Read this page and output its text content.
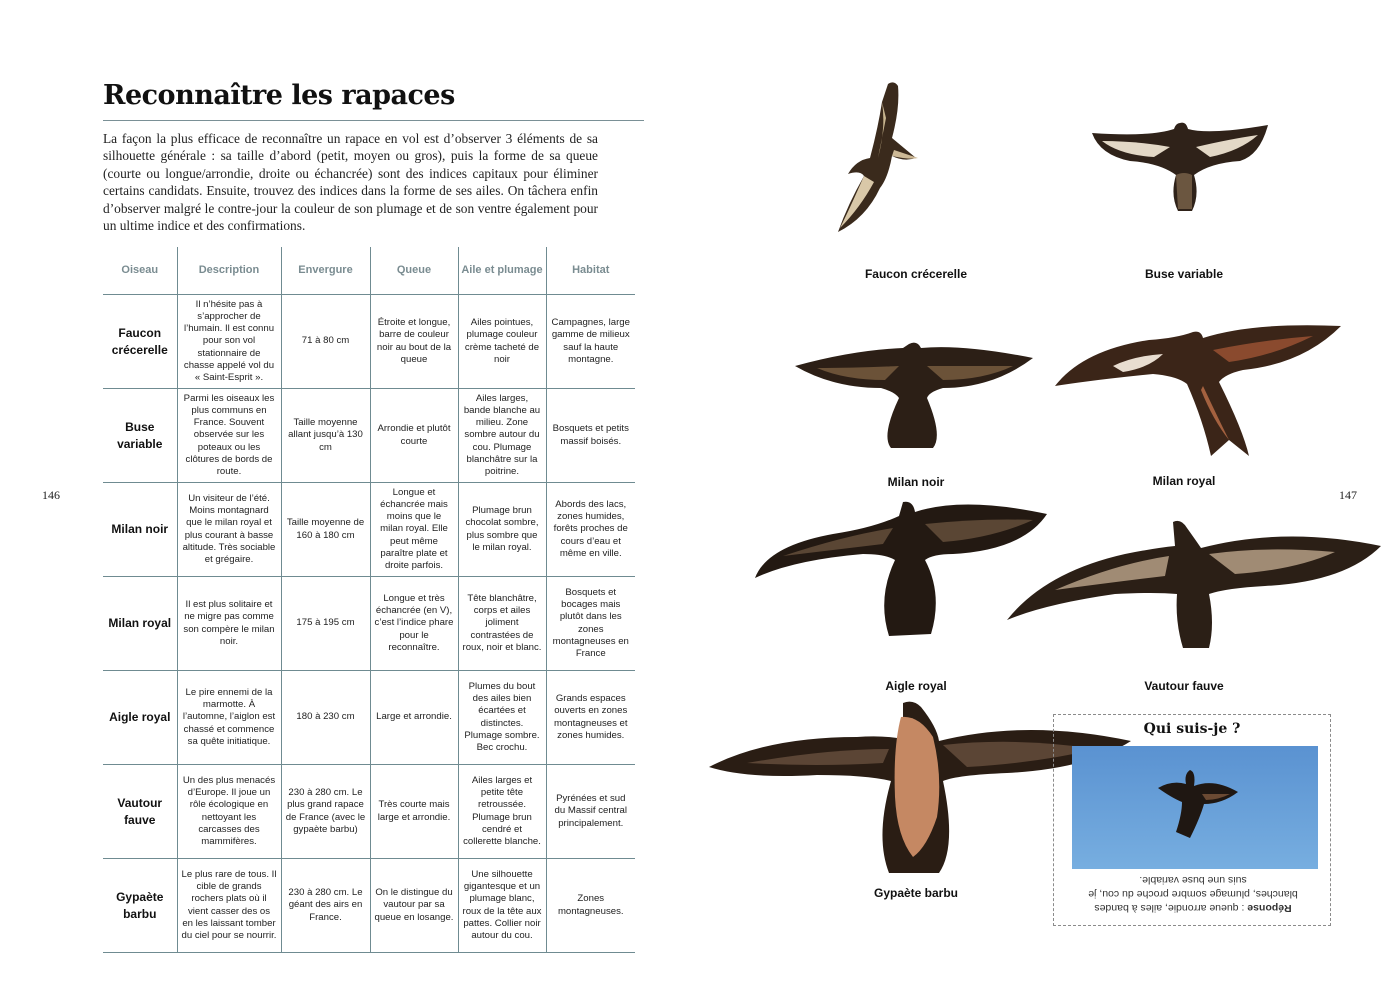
146	147
Reconnaître les rapaces

La façon la plus efficace de reconnaître un rapace en vol est d’observer 3 éléments de sa silhouette générale : sa taille d’abord (petit, moyen ou gros), puis la forme de sa queue (courte ou longue/arrondie, droite ou échancrée) sont des indices capitaux pour éliminer certains candidats. Ensuite, trouvez des indices dans la forme de ses ailes. On tâchera enfin d’observer malgré le contre-jour la couleur de son plumage et de son ventre également pour un ultime indice et des confirmations.

Oiseau	Description	Envergure	Queue	Aile et plumage	Habitat
Faucon crécerelle	Il n’hésite pas à s’approcher de l’humain. Il est connu pour son vol stationnaire de chasse appelé vol du « Saint-Esprit ».	71 à 80 cm	Étroite et longue, barre de couleur noir au bout de la queue	Ailes pointues, plumage couleur crème tacheté de noir	Campagnes, large gamme de milieux sauf la haute montagne.
Buse variable	Parmi les oiseaux les plus communs en France. Souvent observée sur les poteaux ou les clôtures de bords de route.	Taille moyenne allant jusqu’à 130 cm	Arrondie et plutôt courte	Ailes larges, bande blanche au milieu. Zone sombre autour du cou. Plumage blanchâtre sur la poitrine.	Bosquets et petits massif boisés.
Milan noir	Un visiteur de l’été. Moins montagnard que le milan royal et plus courant à basse altitude. Très sociable et grégaire.	Taille moyenne de 160 à 180 cm	Longue et échancrée mais moins que le milan royal. Elle peut même paraître plate et droite parfois.	Plumage brun chocolat sombre, plus sombre que le milan royal.	Abords des lacs, zones humides, forêts proches de cours d’eau et même en ville.
Milan royal	Il est plus solitaire et ne migre pas comme son compère le milan noir.	175 à 195 cm	Longue et très échancrée (en V), c’est l’indice phare pour le reconnaître.	Tête blanchâtre, corps et ailes joliment contrastées de roux, noir et blanc.	Bosquets et bocages mais plutôt dans les zones montagneuses en France
Aigle royal	Le pire ennemi de la marmotte. À l’automne, l’aiglon est chassé et commence sa quête initiatique.	180 à 230 cm	Large et arrondie.	Plumes du bout des ailes bien écartées et distinctes. Plumage sombre. Bec crochu.	Grands espaces ouverts en zones montagneuses et zones humides.
Vautour fauve	Un des plus menacés d’Europe. Il joue un rôle écologique en nettoyant les carcasses des mammifères.	230 à 280 cm. Le plus grand rapace de France (avec le gypaète barbu)	Très courte mais large et arrondie.	Ailes larges et petite tête retroussée. Plumage brun cendré et collerette blanche.	Pyrénées et sud du Massif central principalement.
Gypaète barbu	Le plus rare de tous. Il cible de grands rochers plats où il vient casser des os en les laissant tomber du ciel pour se nourrir.	230 à 280 cm. Le géant des airs en France.	On le distingue du vautour par sa queue en losange.	Une silhouette gigantesque et un plumage blanc, roux de la tête aux pattes. Collier noir autour du cou.	Zones montagneuses.
Faucon crécerelle	Buse variable
Milan noir	Milan royal
Aigle royal	Vautour fauve
Gypaète barbu
Qui suis-je ?
Réponse : queue arrondie, ailes à bandes blanches, plumage sombre proche du cou, je suis une buse variable.
